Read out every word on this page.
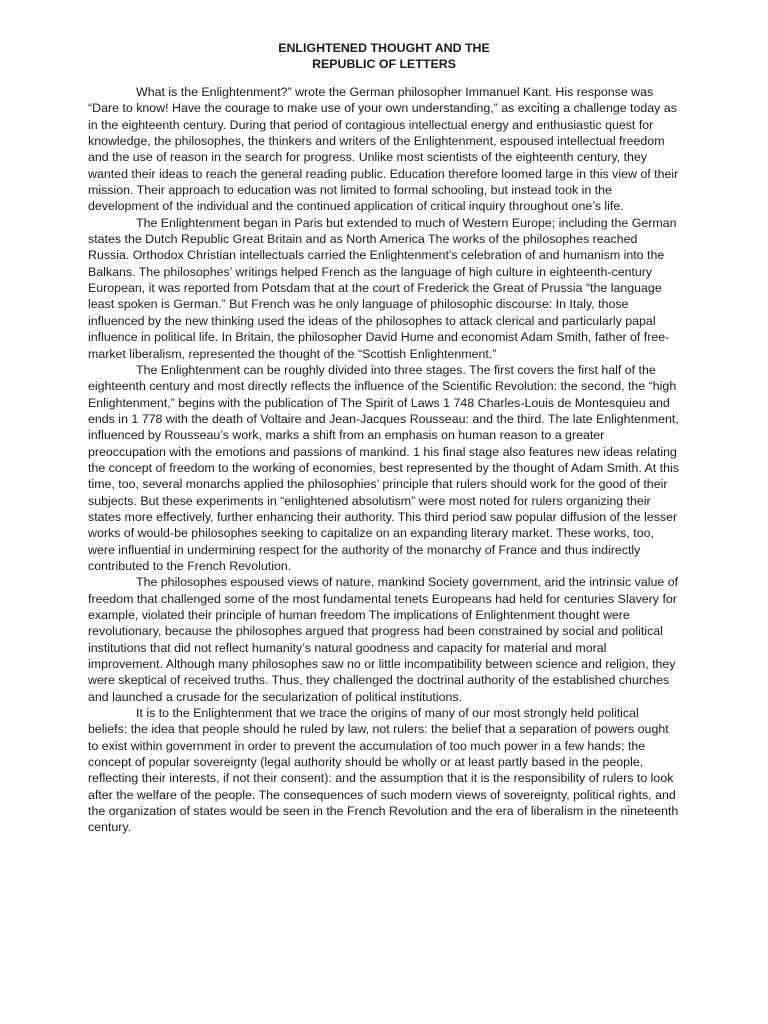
ENLIGHTENED THOUGHT AND THE
REPUBLIC OF LETTERS

What is the Enlightenment?” wrote the German philosopher Immanuel Kant. His response was “Dare to know! Have the courage to make use of your own understanding,” as exciting a challenge today as in the eighteenth century. During that period of contagious intellectual energy and enthusiastic quest for knowledge, the philosophes, the thinkers and writers of the Enlightenment, espoused intellectual freedom and the use of reason in the search for progress. Unlike most scientists of the eighteenth century, they wanted their ideas to reach the general reading public. Education therefore loomed large in this view of their mission. Their approach to education was not limited to formal schooling, but instead took in the development of the individual and the continued application of critical inquiry throughout one’s life.

The Enlightenment began in Paris but extended to much of Western Europe; including the German states the Dutch Republic Great Britain and as North America The works of the philosophes reached Russia. Orthodox Christian intellectuals carried the Enlightenment’s celebration of and humanism into the Balkans. The philosophes’ writings helped French as the language of high culture in eighteenth-century European, it was reported from Potsdam that at the court of Frederick the Great of Prussia “the language least spoken is German.” But French was he only language of philosophic discourse: In Italy, those influenced by the new thinking used the ideas of the philosophes to attack clerical and particularly papal influence in political life. In Britain, the philosopher David Hume and economist Adam Smith, father of free-market liberalism, represented the thought of the “Scottish Enlightenment.”

The Enlightenment can be roughly divided into three stages. The first covers the first half of the eighteenth century and most directly reflects the influence of the Scientific Revolution: the second, the “high Enlightenment,” begins with the publication of The Spirit of Laws 1 748 Charles-Louis de Montesquieu and ends in 1 778 with the death of Voltaire and Jean-Jacques Rousseau: and the third. The late Enlightenment, influenced by Rousseau’s work, marks a shift from an emphasis on human reason to a greater preoccupation with the emotions and passions of mankind. 1 his final stage also features new ideas relating the concept of freedom to the working of economies, best represented by the thought of Adam Smith. At this time, too, several monarchs applied the philosophies’ principle that rulers should work for the good of their subjects. But these experiments in “enlightened absolutism” were most noted for rulers organizing their states more effectively, further enhancing their authority. This third period saw popular diffusion of the lesser works of would-be philosophes seeking to capitalize on an expanding literary market. These works, too, were influential in undermining respect for the authority of the monarchy of France and thus indirectly contributed to the French Revolution.

The philosophes espoused views of nature, mankind Society government, arid the intrinsic value of freedom that challenged some of the most fundamental tenets Europeans had held for centuries Slavery for example, violated their principle of human freedom The implications of Enlightenment thought were revolutionary, because the philosophes argued that progress had been constrained by social and political institutions that did not reflect humanity’s natural goodness and capacity for material and moral improvement. Although many philosophes saw no or little incompatibility between science and religion, they were skeptical of received truths. Thus, they challenged the doctrinal authority of the established churches and launched a crusade for the secularization of political institutions.

It is to the Enlightenment that we trace the origins of many of our most strongly held political beliefs: the idea that people should he ruled by law, not rulers: the belief that a separation of powers ought to exist within government in order to prevent the accumulation of too much power in a few hands; the concept of popular sovereignty (legal authority should be wholly or at least partly based in the people, reflecting their interests, if not their consent): and the assumption that it is the responsibility of rulers to look after the welfare of the people. The consequences of such modern views of sovereignty, political rights, and the organization of states would be seen in the French Revolution and the era of liberalism in the nineteenth century.
